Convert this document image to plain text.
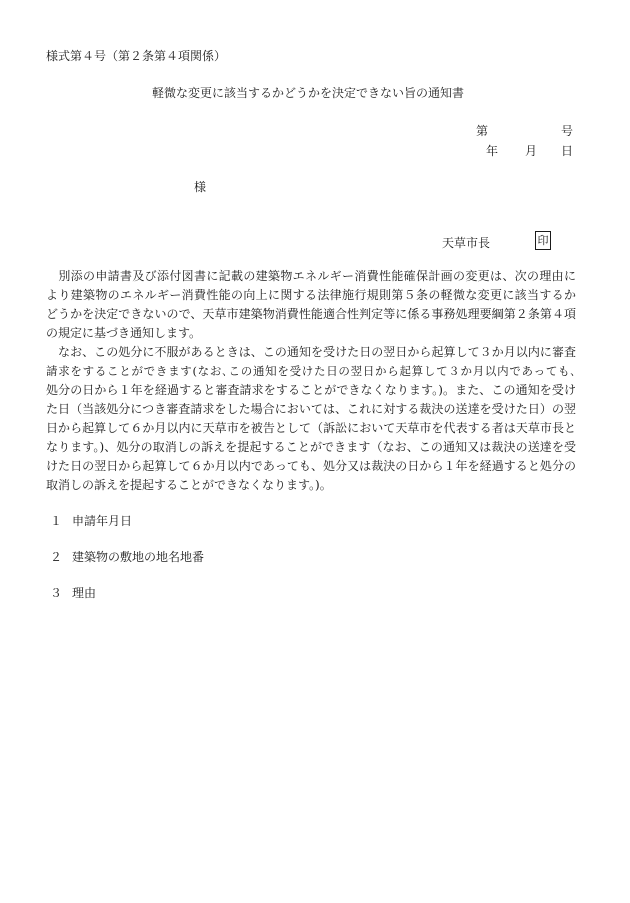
様式第４号（第２条第４項関係）
軽微な変更に該当するかどうかを決定できない旨の通知書
第	号
年 月 日
様
天草市長	印
　別添の申請書及び添付図書に記載の建築物エネルギー消費性能確保計画の変更は、次の理由に
より建築物のエネルギー消費性能の向上に関する法律施行規則第５条の軽微な変更に該当するか
どうかを決定できないので、天草市建築物消費性能適合性判定等に係る事務処理要綱第２条第４項
の規定に基づき通知します。
　なお、この処分に不服があるときは、この通知を受けた日の翌日から起算して３か月以内に審査
請求をすることができます(なお､この通知を受けた日の翌日から起算して３か月以内であっても､
処分の日から１年を経過すると審査請求をすることができなくなります。)。また、この通知を受け
た日（当該処分につき審査請求をした場合においては、これに対する裁決の送達を受けた日）の翌
日から起算して６か月以内に天草市を被告として（訴訟において天草市を代表する者は天草市長と
なります。)、処分の取消しの訴えを提起することができます（なお、この通知又は裁決の送達を受
けた日の翌日から起算して６か月以内であっても、処分又は裁決の日から１年を経過すると処分の
取消しの訴えを提起することができなくなります。)。
１ 申請年月日
２ 建築物の敷地の地名地番
３ 理由
